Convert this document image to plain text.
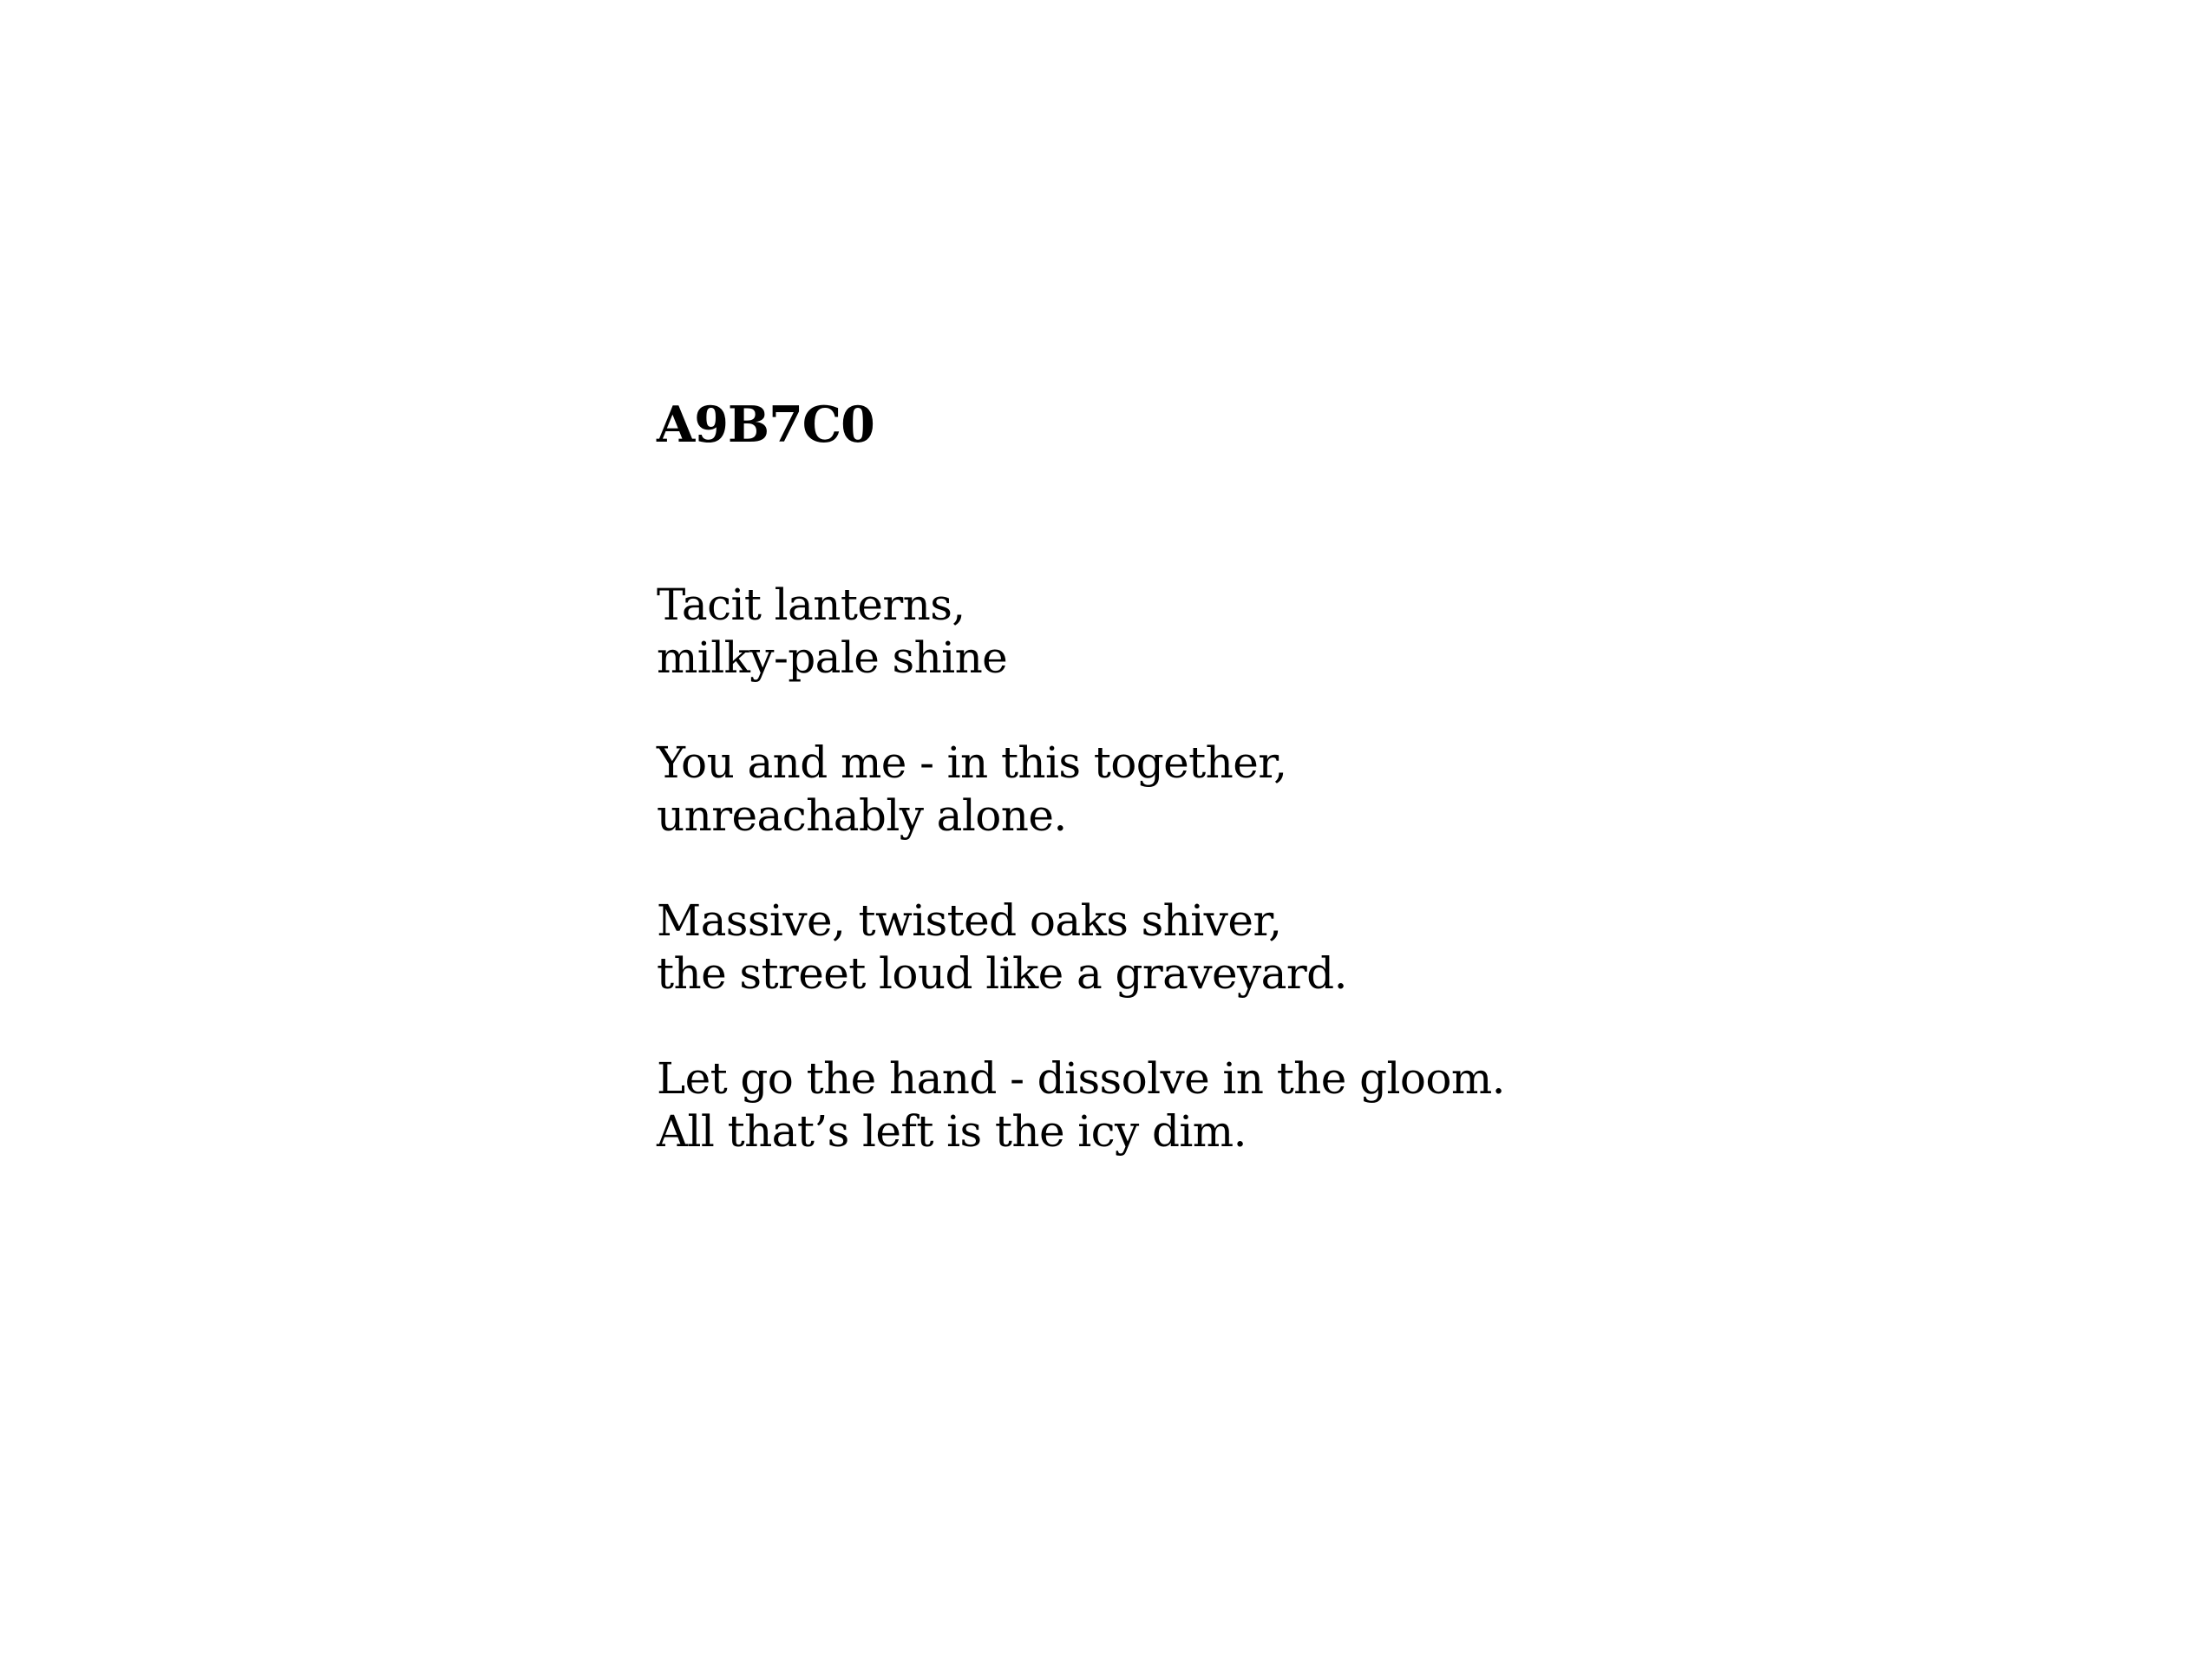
A9B7C0

Tacit lanterns,
milky-pale shine

You and me - in this together,
unreachably alone.

Massive, twisted oaks shiver,
the street loud like a graveyard.

Let go the hand - dissolve in the gloom.
All that’s left is the icy dim.
